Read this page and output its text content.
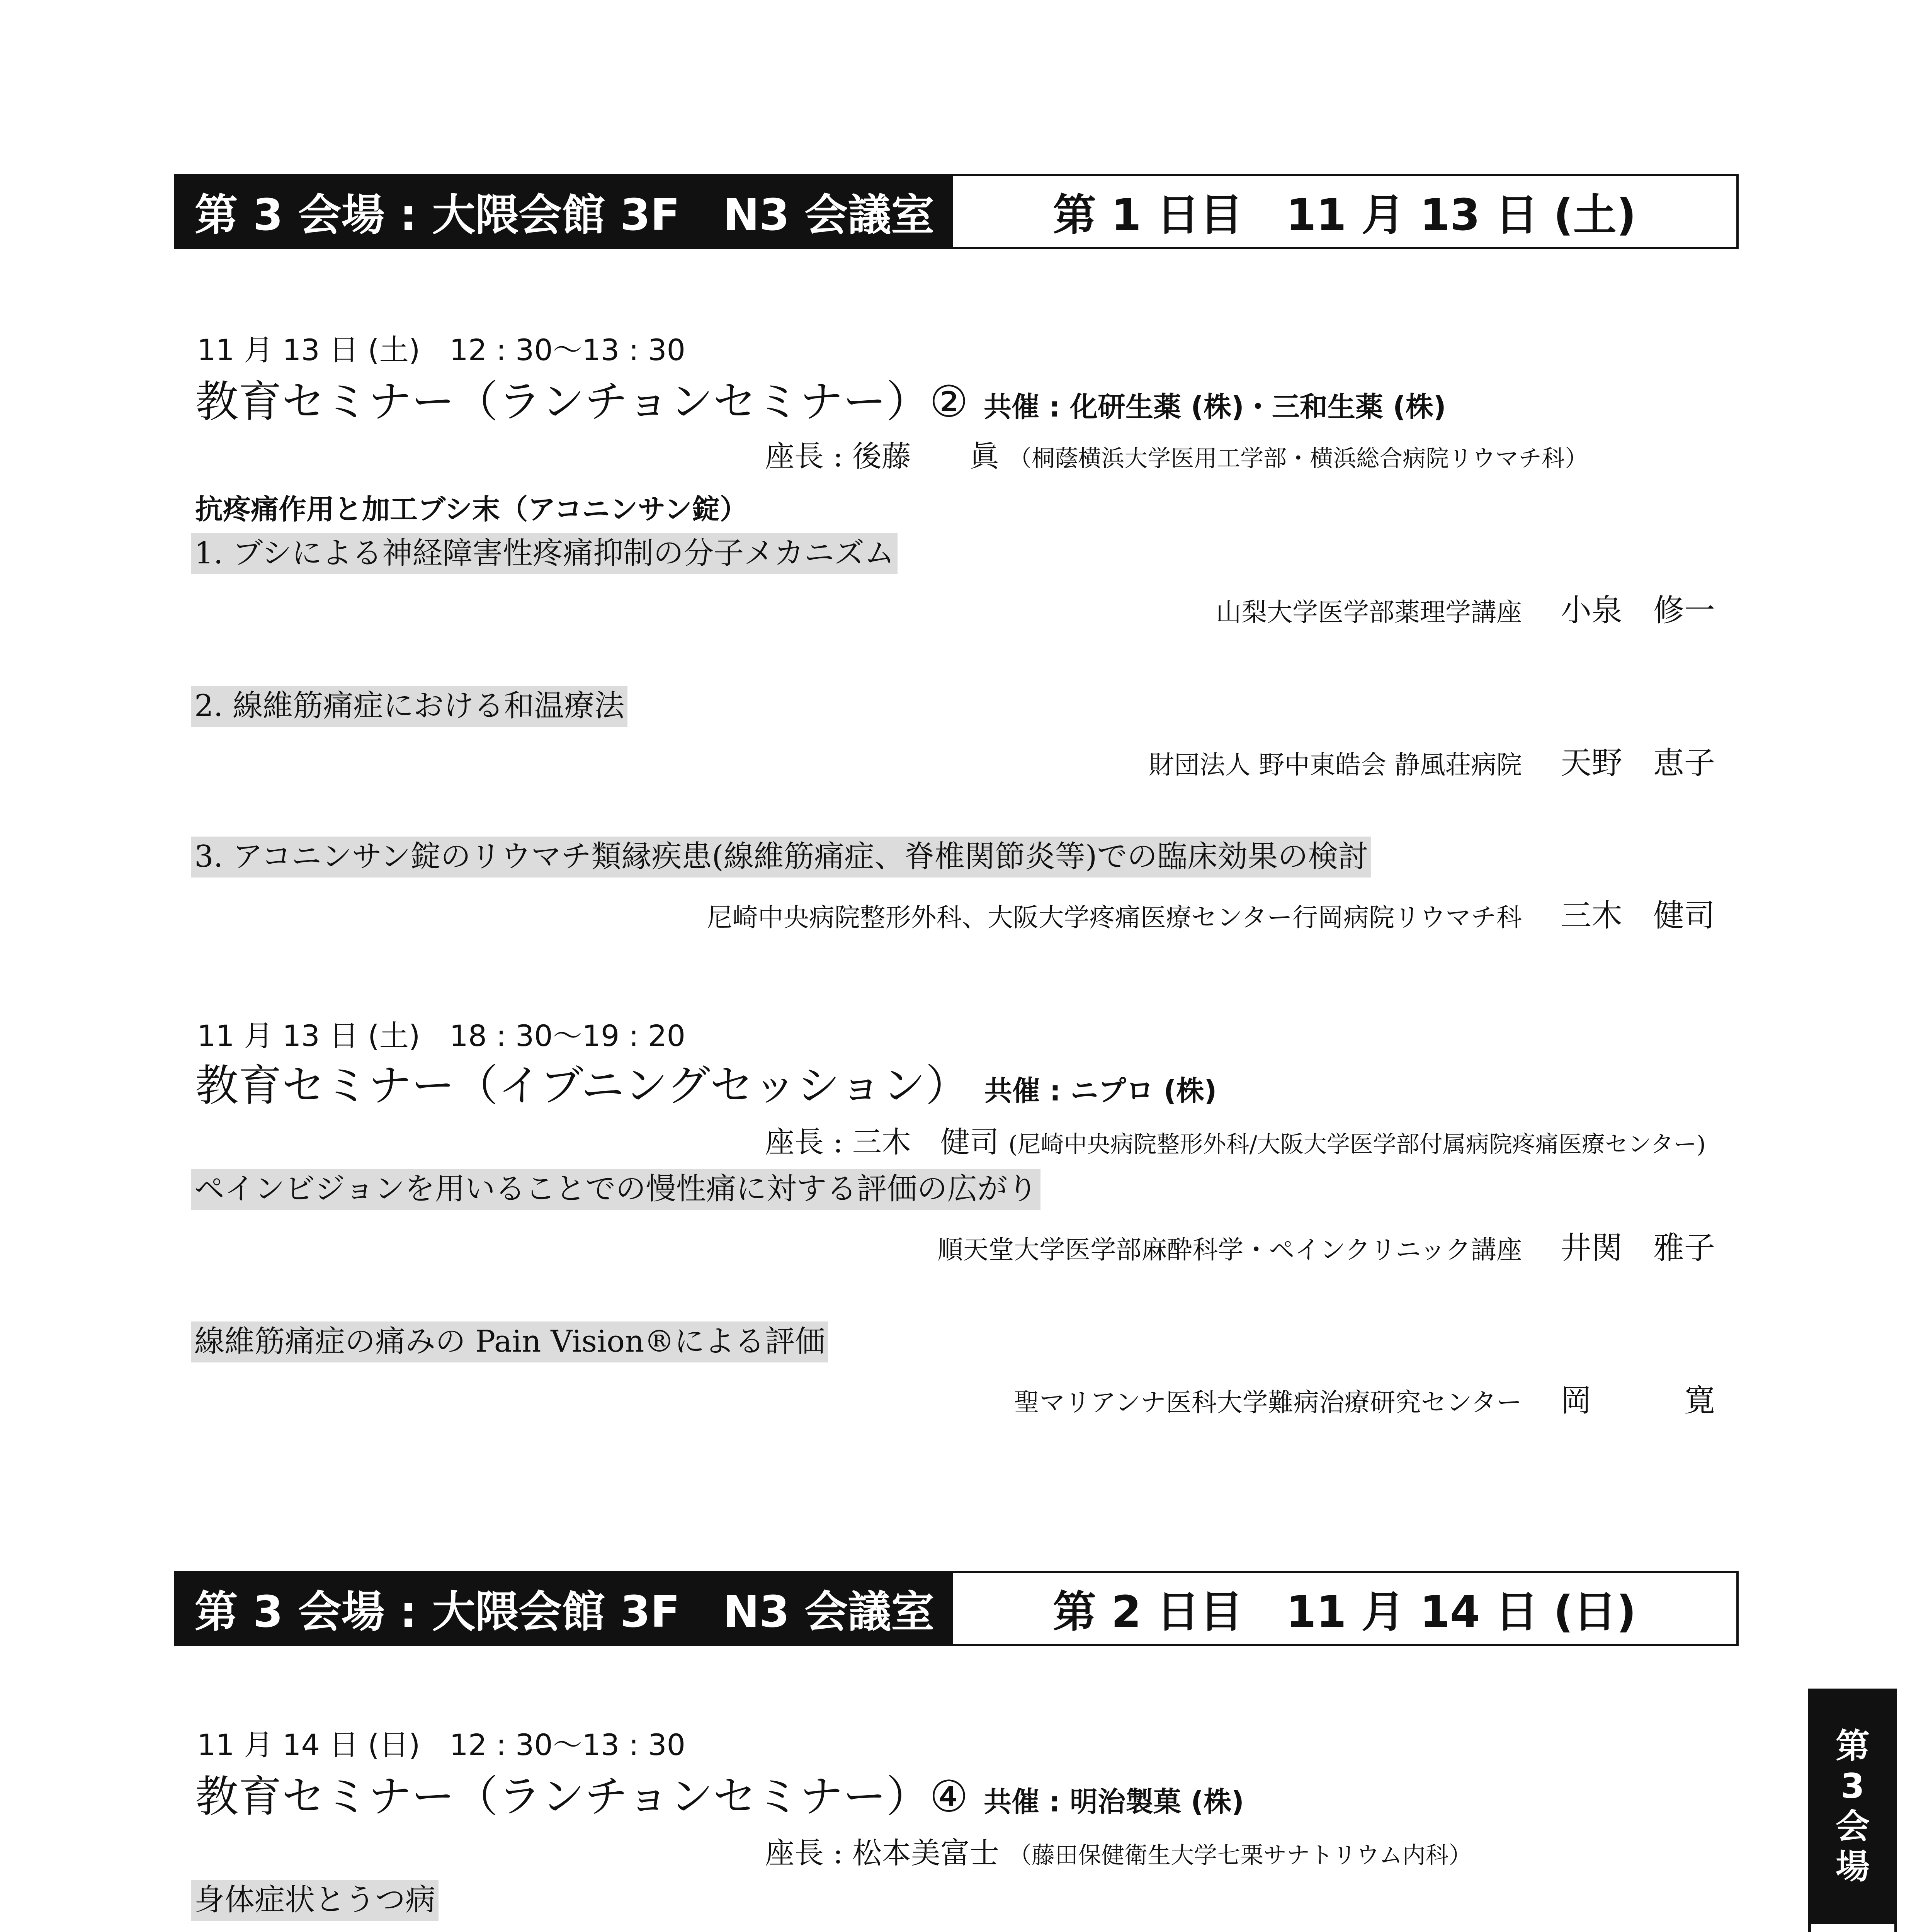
第 3 会場 : 大隈会館 3F　N3 会議室	第 1 日目　11 月 13 日 (土)
11 月 13 日 (土)　12 : 30〜13 : 30
教育セミナー（ランチョンセミナー）② 共催 : 化研生薬 (株)・三和生薬 (株)
座長 : 後藤　　眞 （桐蔭横浜大学医用工学部・横浜総合病院リウマチ科）
抗疼痛作用と加工ブシ末（アコニンサン錠）
1. ブシによる神経障害性疼痛抑制の分子メカニズム
山梨大学医学部薬理学講座 小泉　修一
2. 線維筋痛症における和温療法
財団法人 野中東皓会 静風荘病院 天野　恵子
3. アコニンサン錠のリウマチ類縁疾患(線維筋痛症、脊椎関節炎等)での臨床効果の検討
尼崎中央病院整形外科、大阪大学疼痛医療センター行岡病院リウマチ科 三木　健司
11 月 13 日 (土)　18 : 30〜19 : 20
教育セミナー（イブニングセッション） 共催 : ニプロ (株)
座長 : 三木　健司 (尼崎中央病院整形外科/大阪大学医学部付属病院疼痛医療センター)
ペインビジョンを用いることでの慢性痛に対する評価の広がり
順天堂大学医学部麻酔科学・ペインクリニック講座 井関　雅子
線維筋痛症の痛みの Pain Vision®による評価
聖マリアンナ医科大学難病治療研究センター 岡　　　寛
第 3 会場 : 大隈会館 3F　N3 会議室	第 2 日目　11 月 14 日 (日)
11 月 14 日 (日)　12 : 30〜13 : 30
教育セミナー（ランチョンセミナー）④ 共催 : 明治製菓 (株)
座長 : 松本美富士 （藤田保健衛生大学七栗サナトリウム内科）
身体症状とうつ病
第
3
会
場
